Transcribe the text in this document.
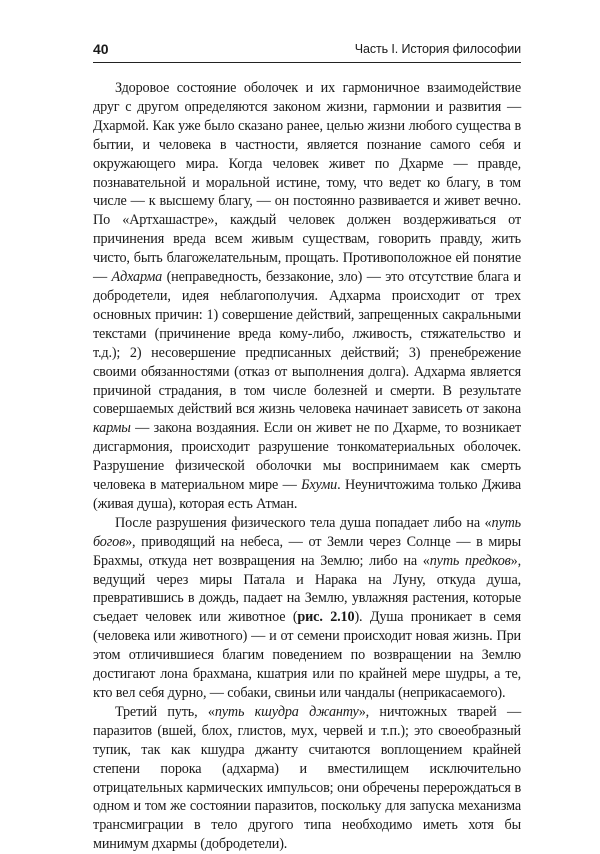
40	Часть I. История философии

Здоровое состояние оболочек и их гармоничное взаимодействие друг с другом определяются законом жизни, гармонии и развития — Дхармой. Как уже было сказано ранее, целью жизни любого существа в бытии, и человека в частности, является познание самого себя и окружающего мира. Когда человек живет по Дхарме — правде, познавательной и моральной истине, тому, что ведет ко благу, в том числе — к высшему благу, — он постоянно развивается и живет вечно. По «Артхашастре», каждый человек должен воздерживаться от причинения вреда всем живым существам, говорить правду, жить чисто, быть благожелательным, прощать. Противоположное ей понятие — Адхарма (неправедность, беззаконие, зло) — это отсутствие блага и добродетели, идея неблагополучия. Адхарма происходит от трех основных причин: 1) совершение действий, запрещенных сакральными текстами (причинение вреда кому-либо, лживость, стяжательство и т.д.); 2) несовершение предписанных действий; 3) пренебрежение своими обязанностями (отказ от выполнения долга). Адхарма является причиной страдания, в том числе болезней и смерти. В результате совершаемых действий вся жизнь человека начинает зависеть от закона кармы — закона воздаяния. Если он живет не по Дхарме, то возникает дисгармония, происходит разрушение тонкоматериальных оболочек. Разрушение физической оболочки мы воспринимаем как смерть человека в материальном мире — Бхуми. Неуничтожима только Джива (живая душа), которая есть Атман.

После разрушения физического тела душа попадает либо на «путь богов», приводящий на небеса, — от Земли через Солнце — в миры Брахмы, откуда нет возвращения на Землю; либо на «путь предков», ведущий через миры Патала и Нарака на Луну, откуда душа, превратившись в дождь, падает на Землю, увлажняя растения, которые съедает человек или животное (рис. 2.10). Душа проникает в семя (человека или животного) — и от семени происходит новая жизнь. При этом отличившиеся благим поведением по возвращении на Землю достигают лона брахмана, кшатрия или по крайней мере шудры, а те, кто вел себя дурно, — собаки, свиньи или чандалы (неприкасаемого).

Третий путь, «путь кшудра джанту», ничтожных тварей — паразитов (вшей, блох, глистов, мух, червей и т.п.); это своеобразный тупик, так как кшудра джанту считаются воплощением крайней степени порока (адхарма) и вместилищем исключительно отрицательных кармических импульсов; они обречены перерождаться в одном и том же состоянии паразитов, поскольку для запуска механизма трансмиграции в тело другого типа необходимо иметь хотя бы минимум дхармы (добродетели).
